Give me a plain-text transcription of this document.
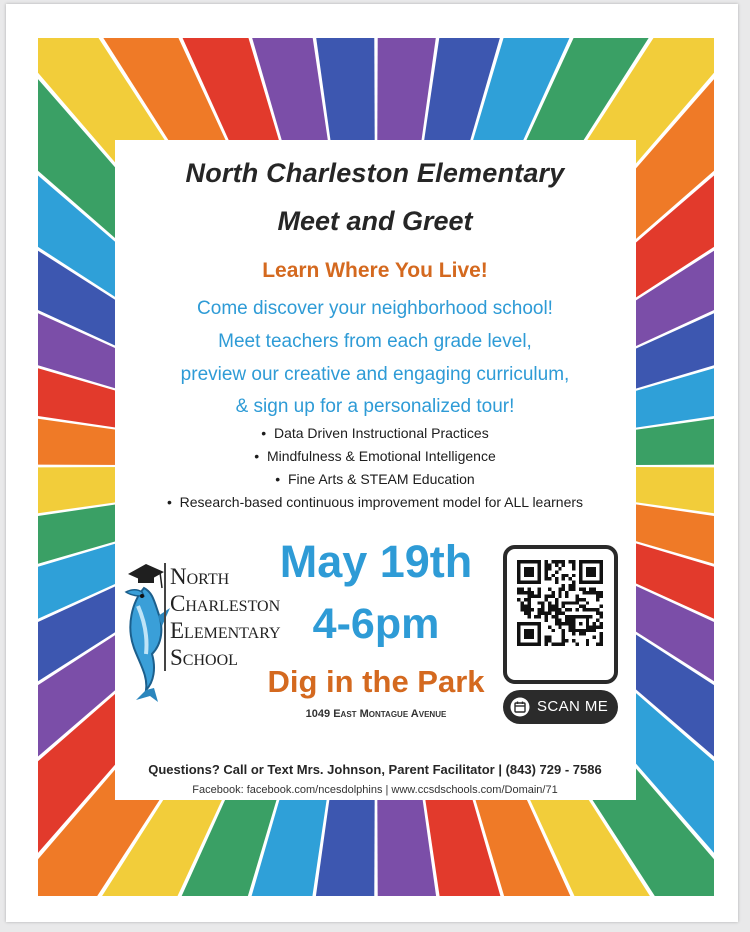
North Charleston Elementary
Meet and Greet
Learn Where You Live!
Come discover your neighborhood school!
Meet teachers from each grade level,
preview our creative and engaging curriculum,
& sign up for a personalized tour!
•  Data Driven Instructional Practices
•  Mindfulness & Emotional Intelligence
•  Fine Arts & STEAM Education
•  Research-based continuous improvement model for ALL learners
North
Charleston
Elementary
School
May 19th
4-6pm
Dig in the Park
1049 East Montague Avenue	SCAN ME
Questions? Call or Text Mrs. Johnson, Parent Facilitator | (843) 729 - 7586
Facebook: facebook.com/ncesdolphins | www.ccsdschools.com/Domain/71
